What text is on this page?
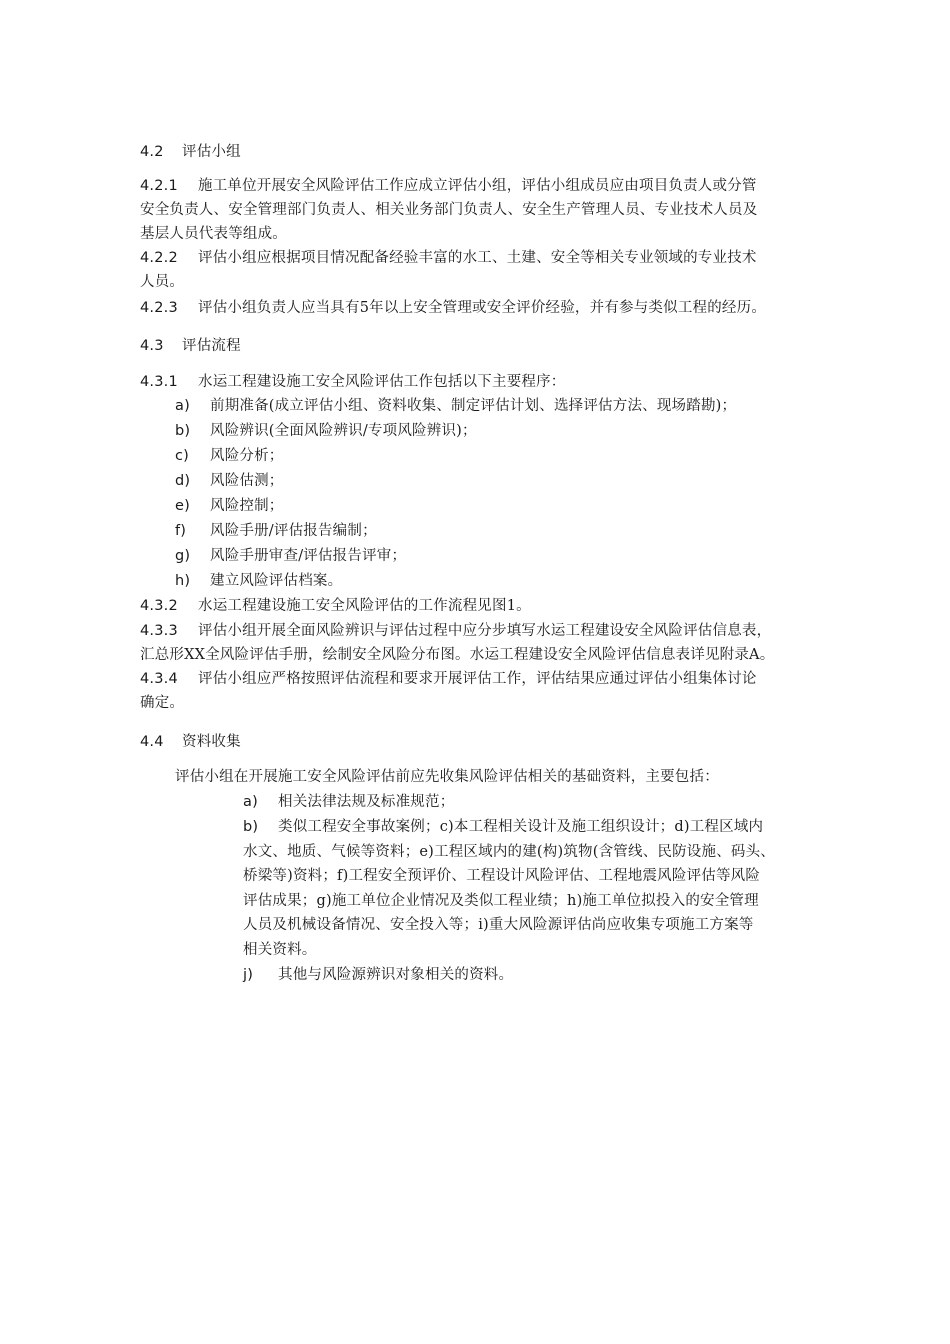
4.2 评估小组
4.2.1 施工单位开展安全风险评估工作应成立评估小组，评估小组成员应由项目负责人或分管
安全负责人、安全管理部门负责人、相关业务部门负责人、安全生产管理人员、专业技术人员及
基层人员代表等组成。
4.2.2 评估小组应根据项目情况配备经验丰富的水工、土建、安全等相关专业领域的专业技术
人员。
4.2.3 评估小组负责人应当具有5年以上安全管理或安全评价经验，并有参与类似工程的经历。
4.3 评估流程
4.3.1 水运工程建设施工安全风险评估工作包括以下主要程序：
a) 前期准备(成立评估小组、资料收集、制定评估计划、选择评估方法、现场踏勘)；
b) 风险辨识(全面风险辨识/专项风险辨识)；
c) 风险分析；
d) 风险估测；
e) 风险控制；
f) 风险手册/评估报告编制；
g) 风险手册审查/评估报告评审；
h) 建立风险评估档案。
4.3.2 水运工程建设施工安全风险评估的工作流程见图1。
4.3.3 评估小组开展全面风险辨识与评估过程中应分步填写水运工程建设安全风险评估信息表，
汇总形XX全风险评估手册，绘制安全风险分布图。水运工程建设安全风险评估信息表详见附录A。
4.3.4 评估小组应严格按照评估流程和要求开展评估工作，评估结果应通过评估小组集体讨论
确定。
4.4 资料收集
评估小组在开展施工安全风险评估前应先收集风险评估相关的基础资料，主要包括：
a) 相关法律法规及标准规范；
b) 类似工程安全事故案例；c)本工程相关设计及施工组织设计；d)工程区域内
水文、地质、气候等资料；e)工程区域内的建(构)筑物(含管线、民防设施、码头、
桥梁等)资料；f)工程安全预评价、工程设计风险评估、工程地震风险评估等风险
评估成果；g)施工单位企业情况及类似工程业绩；h)施工单位拟投入的安全管理
人员及机械设备情况、安全投入等；i)重大风险源评估尚应收集专项施工方案等
相关资料。
j) 其他与风险源辨识对象相关的资料。
